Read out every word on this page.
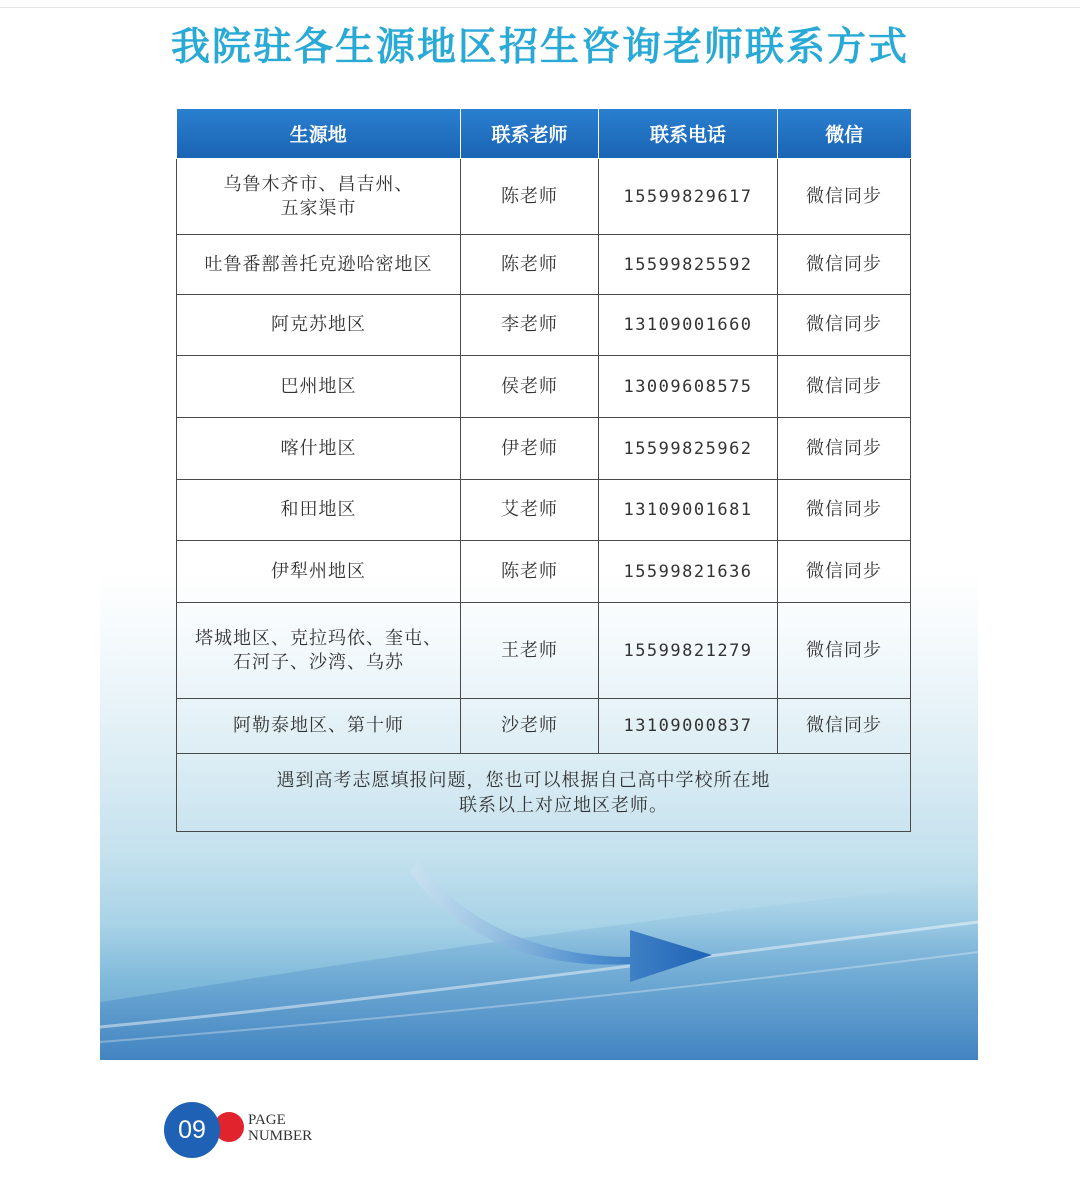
我院驻各生源地区招生咨询老师联系方式
生源地	联系老师	联系电话	微信
乌鲁木齐市、昌吉州、
五家渠市	陈老师	15599829617	微信同步
吐鲁番鄯善托克逊哈密地区	陈老师	15599825592	微信同步
阿克苏地区	李老师	13109001660	微信同步
巴州地区	侯老师	13009608575	微信同步
喀什地区	伊老师	15599825962	微信同步
和田地区	艾老师	13109001681	微信同步
伊犁州地区	陈老师	15599821636	微信同步
塔城地区、克拉玛依、奎屯、
石河子、沙湾、乌苏	王老师	15599821279	微信同步
阿勒泰地区、第十师	沙老师	13109000837	微信同步

遇到高考志愿填报问题，您也可以根据自己高中学校所在地
联系以上对应地区老师。			
09	PAGE
NUMBER
